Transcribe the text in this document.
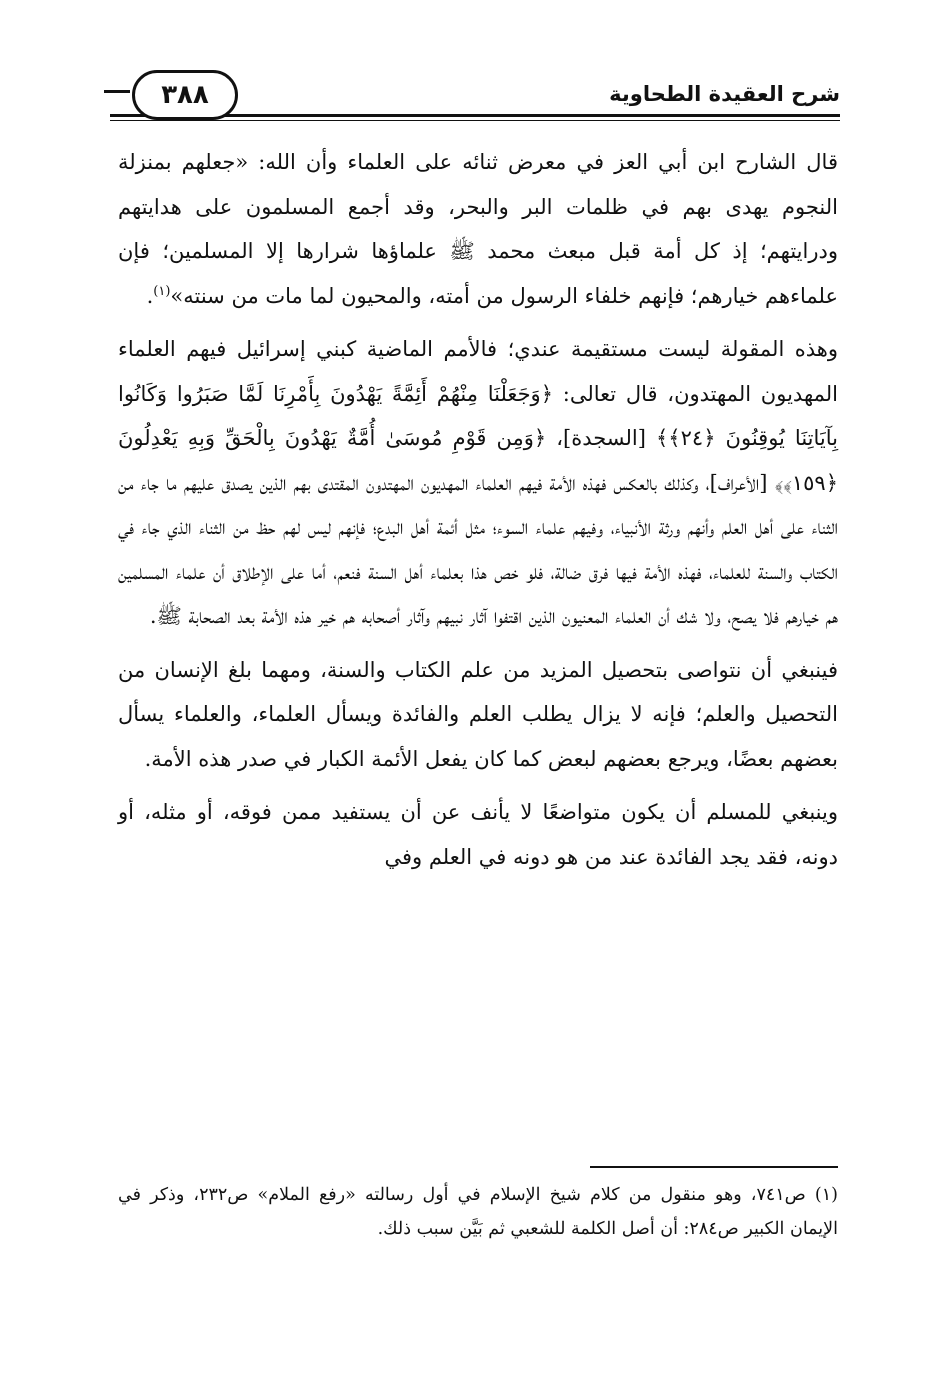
٣٨٨	شرح العقيدة الطحاوية

قال الشارح ابن أبي العز في معرض ثنائه على العلماء وأن الله: «جعلهم بمنزلة النجوم يهدى بهم في ظلمات البر والبحر، وقد أجمع المسلمون على هدايتهم ودرايتهم؛ إذ كل أمة قبل مبعث محمد ﷺ علماؤها شرارها إلا المسلمين؛ فإن علماءهم خيارهم؛ فإنهم خلفاء الرسول من أمته، والمحيون لما مات من سنته»$^{(١)}$.

وهذه المقولة ليست مستقيمة عندي؛ فالأمم الماضية كبني إسرائيل فيهم العلماء المهديون المهتدون، قال تعالى: ﴿وَجَعَلْنَا مِنْهُمْ أَئِمَّةً يَهْدُونَ بِأَمْرِنَا لَمَّا صَبَرُوا وَكَانُوا بِآيَاتِنَا يُوقِنُونَ ﴿٢٤﴾﴾ [السجدة]، ﴿وَمِن قَوْمِ مُوسَىٰ أُمَّةٌ يَهْدُونَ بِالْحَقِّ وَبِهِ يَعْدِلُونَ ﴿١٥٩﴾﴾ [الأعراف]، وكذلك بالعكس فهذه الأمة فيهم العلماء المهديون المهتدون المقتدى بهم الذين يصدق عليهم ما جاء من الثناء على أهل العلم وأنهم ورثة الأنبياء، وفيهم علماء السوء؛ مثل أئمة أهل البدع؛ فإنهم ليس لهم حظ من الثناء الذي جاء في الكتاب والسنة للعلماء، فهذه الأمة فيها فرق ضالة، فلو خص هذا بعلماء أهل السنة فنعم، أما على الإطلاق أن علماء المسلمين هم خيارهم فلا يصح، ولا شك أن العلماء المعنيون الذين اقتفوا آثار نبيهم وآثار أصحابه هم خير هذه الأمة بعد الصحابة ﷺ.

فينبغي أن نتواصى بتحصيل المزيد من علم الكتاب والسنة، ومهما بلغ الإنسان من التحصيل والعلم؛ فإنه لا يزال يطلب العلم والفائدة ويسأل العلماء، والعلماء يسأل بعضهم بعضًا، ويرجع بعضهم لبعض كما كان يفعل الأئمة الكبار في صدر هذه الأمة.

وينبغي للمسلم أن يكون متواضعًا لا يأنف عن أن يستفيد ممن فوقه، أو مثله، أو دونه، فقد يجد الفائدة عند من هو دونه في العلم وفي

(١) ص٧٤١، وهو منقول من كلام شيخ الإسلام في أول رسالته «رفع الملام» ص٢٣٢، وذكر في الإيمان الكبير ص٢٨٤: أن أصل الكلمة للشعبي ثم بَيَّن سبب ذلك.
